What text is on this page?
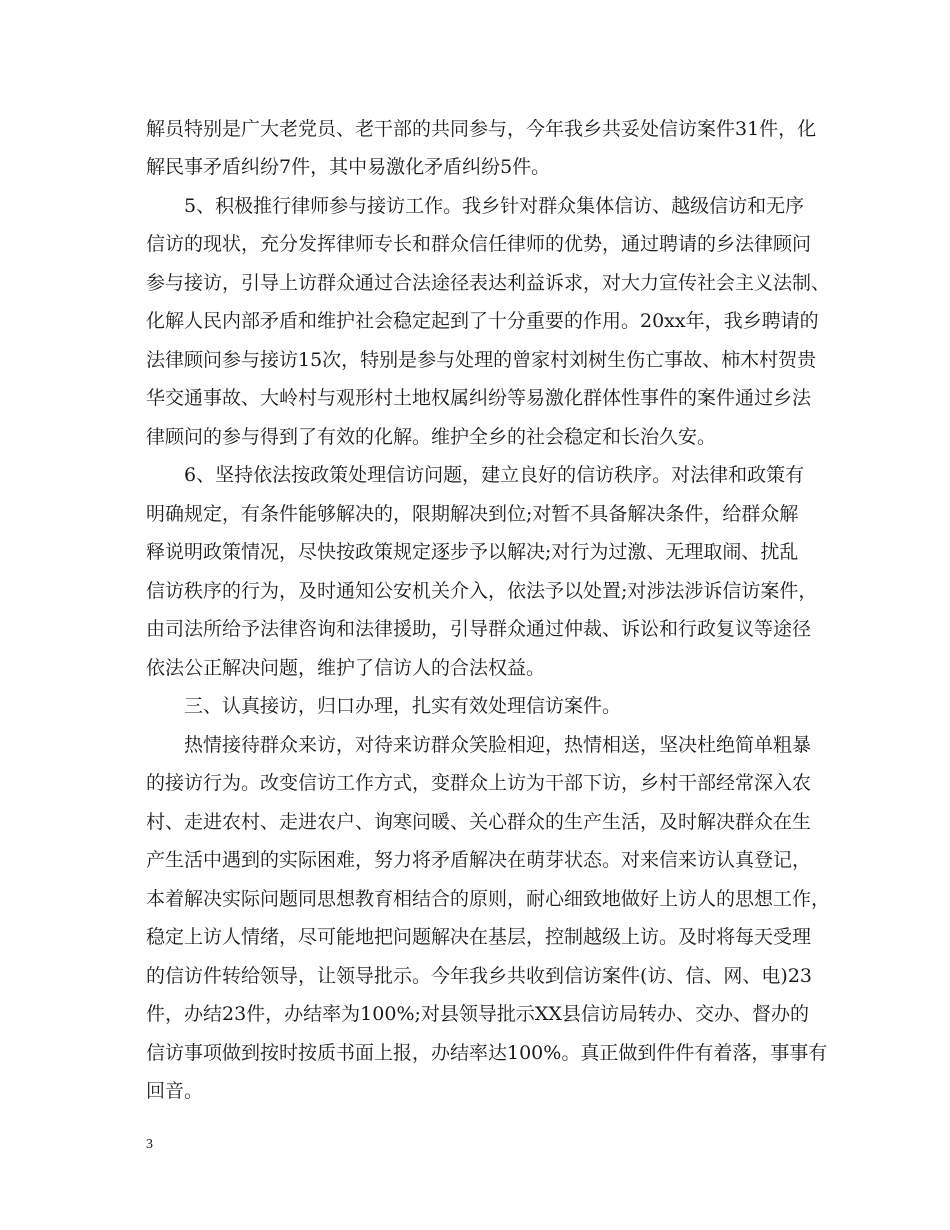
解员特别是广大老党员、老干部的共同参与，今年我乡共妥处信访案件31件，化
解民事矛盾纠纷7件，其中易激化矛盾纠纷5件。
5、积极推行律师参与接访工作。我乡针对群众集体信访、越级信访和无序
信访的现状，充分发挥律师专长和群众信任律师的优势，通过聘请的乡法律顾问
参与接访，引导上访群众通过合法途径表达利益诉求，对大力宣传社会主义法制、
化解人民内部矛盾和维护社会稳定起到了十分重要的作用。20xx年，我乡聘请的
法律顾问参与接访15次，特别是参与处理的曾家村刘树生伤亡事故、柿木村贺贵
华交通事故、大岭村与观形村土地权属纠纷等易激化群体性事件的案件通过乡法
律顾问的参与得到了有效的化解。维护全乡的社会稳定和长治久安。
6、坚持依法按政策处理信访问题，建立良好的信访秩序。对法律和政策有
明确规定，有条件能够解决的，限期解决到位;对暂不具备解决条件，给群众解
释说明政策情况，尽快按政策规定逐步予以解决;对行为过激、无理取闹、扰乱
信访秩序的行为，及时通知公安机关介入，依法予以处置;对涉法涉诉信访案件，
由司法所给予法律咨询和法律援助，引导群众通过仲裁、诉讼和行政复议等途径
依法公正解决问题，维护了信访人的合法权益。
三、认真接访，归口办理，扎实有效处理信访案件。
热情接待群众来访，对待来访群众笑脸相迎，热情相送，坚决杜绝简单粗暴
的接访行为。改变信访工作方式，变群众上访为干部下访，乡村干部经常深入农
村、走进农村、走进农户、询寒问暖、关心群众的生产生活，及时解决群众在生
产生活中遇到的实际困难，努力将矛盾解决在萌芽状态。对来信来访认真登记，
本着解决实际问题同思想教育相结合的原则，耐心细致地做好上访人的思想工作，
稳定上访人情绪，尽可能地把问题解决在基层，控制越级上访。及时将每天受理
的信访件转给领导，让领导批示。今年我乡共收到信访案件(访、信、网、电)23
件，办结23件，办结率为100%;对县领导批示XX县信访局转办、交办、督办的
信访事项做到按时按质书面上报，办结率达100%。真正做到件件有着落，事事有
回音。
3
